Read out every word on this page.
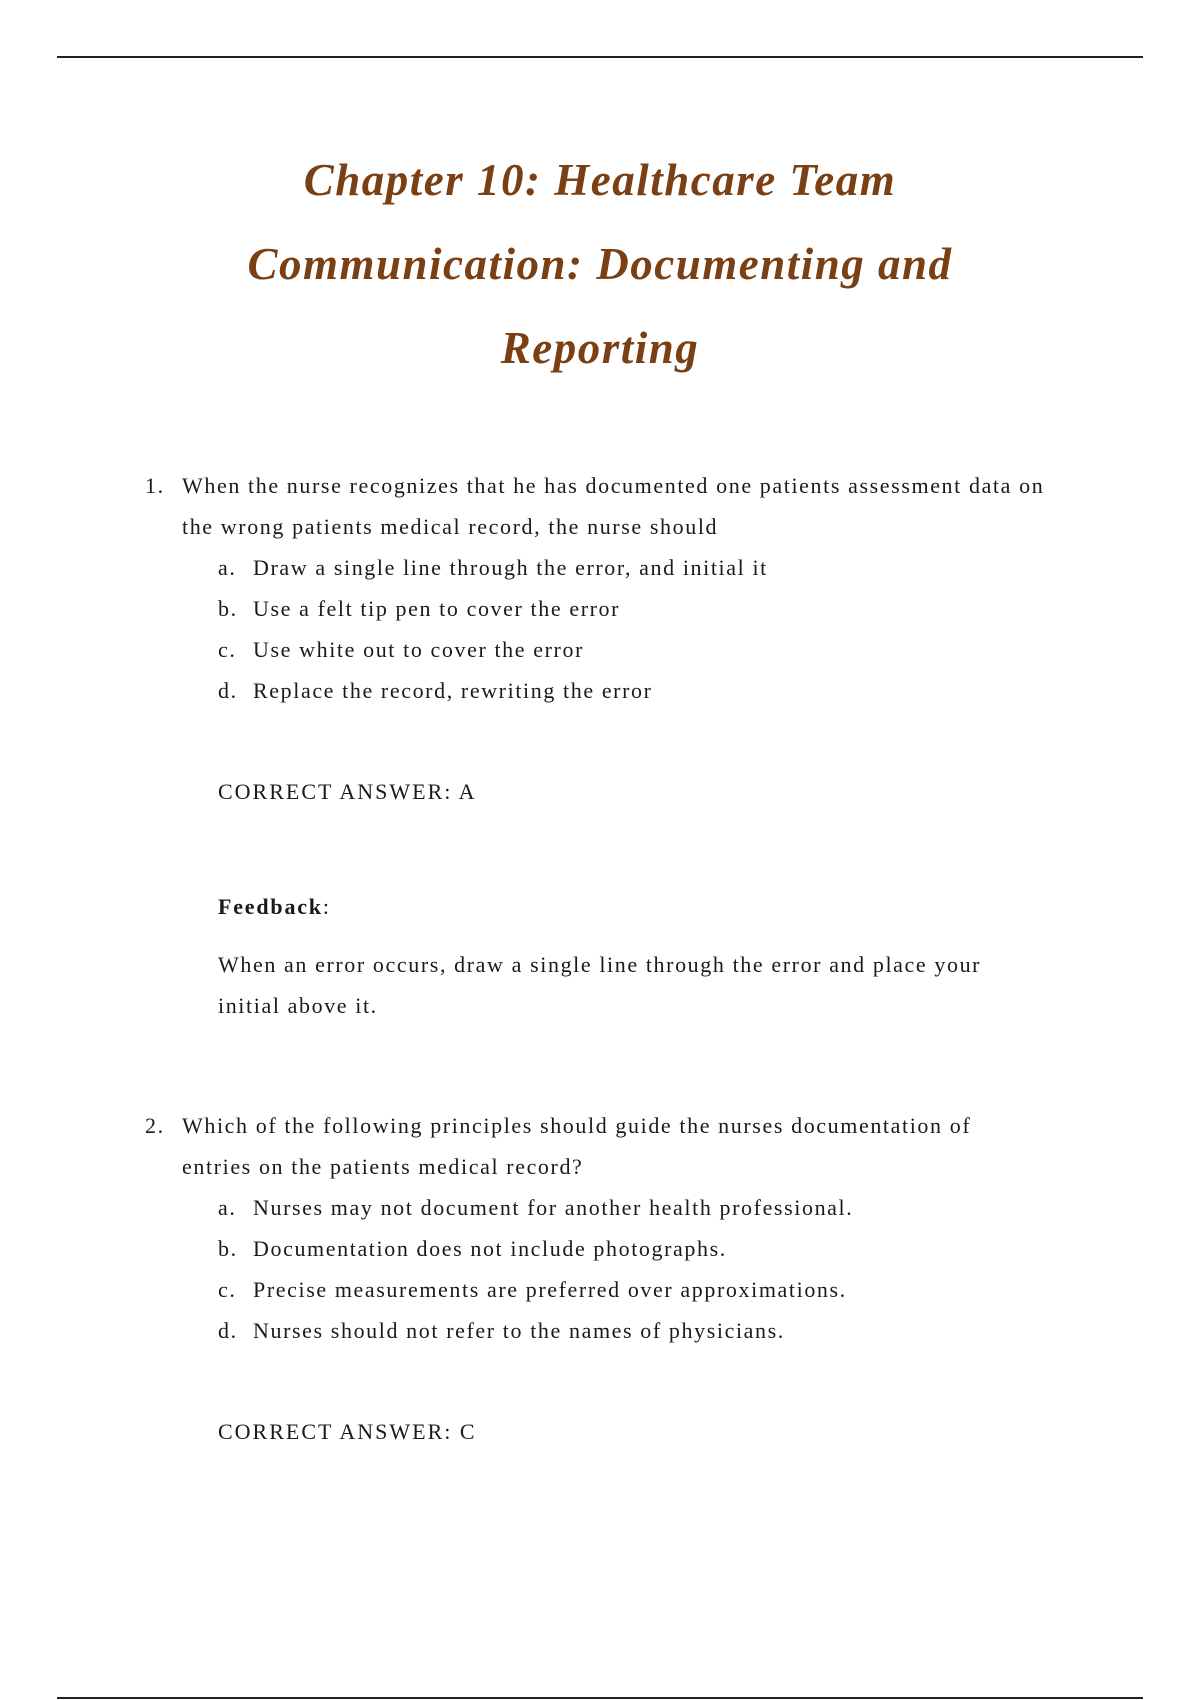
Chapter 10: Healthcare Team
Communication: Documenting and
Reporting
1. When the nurse recognizes that he has documented one patients assessment data on the wrong patients medical record, the nurse should
a. Draw a single line through the error, and initial it
b. Use a felt tip pen to cover the error
c. Use white out to cover the error
d. Replace the record, rewriting the error
CORRECT ANSWER: A
Feedback:
When an error occurs, draw a single line through the error and place your initial above it.
2. Which of the following principles should guide the nurses documentation of entries on the patients medical record?
a. Nurses may not document for another health professional.
b. Documentation does not include photographs.
c. Precise measurements are preferred over approximations.
d. Nurses should not refer to the names of physicians.
CORRECT ANSWER: C
